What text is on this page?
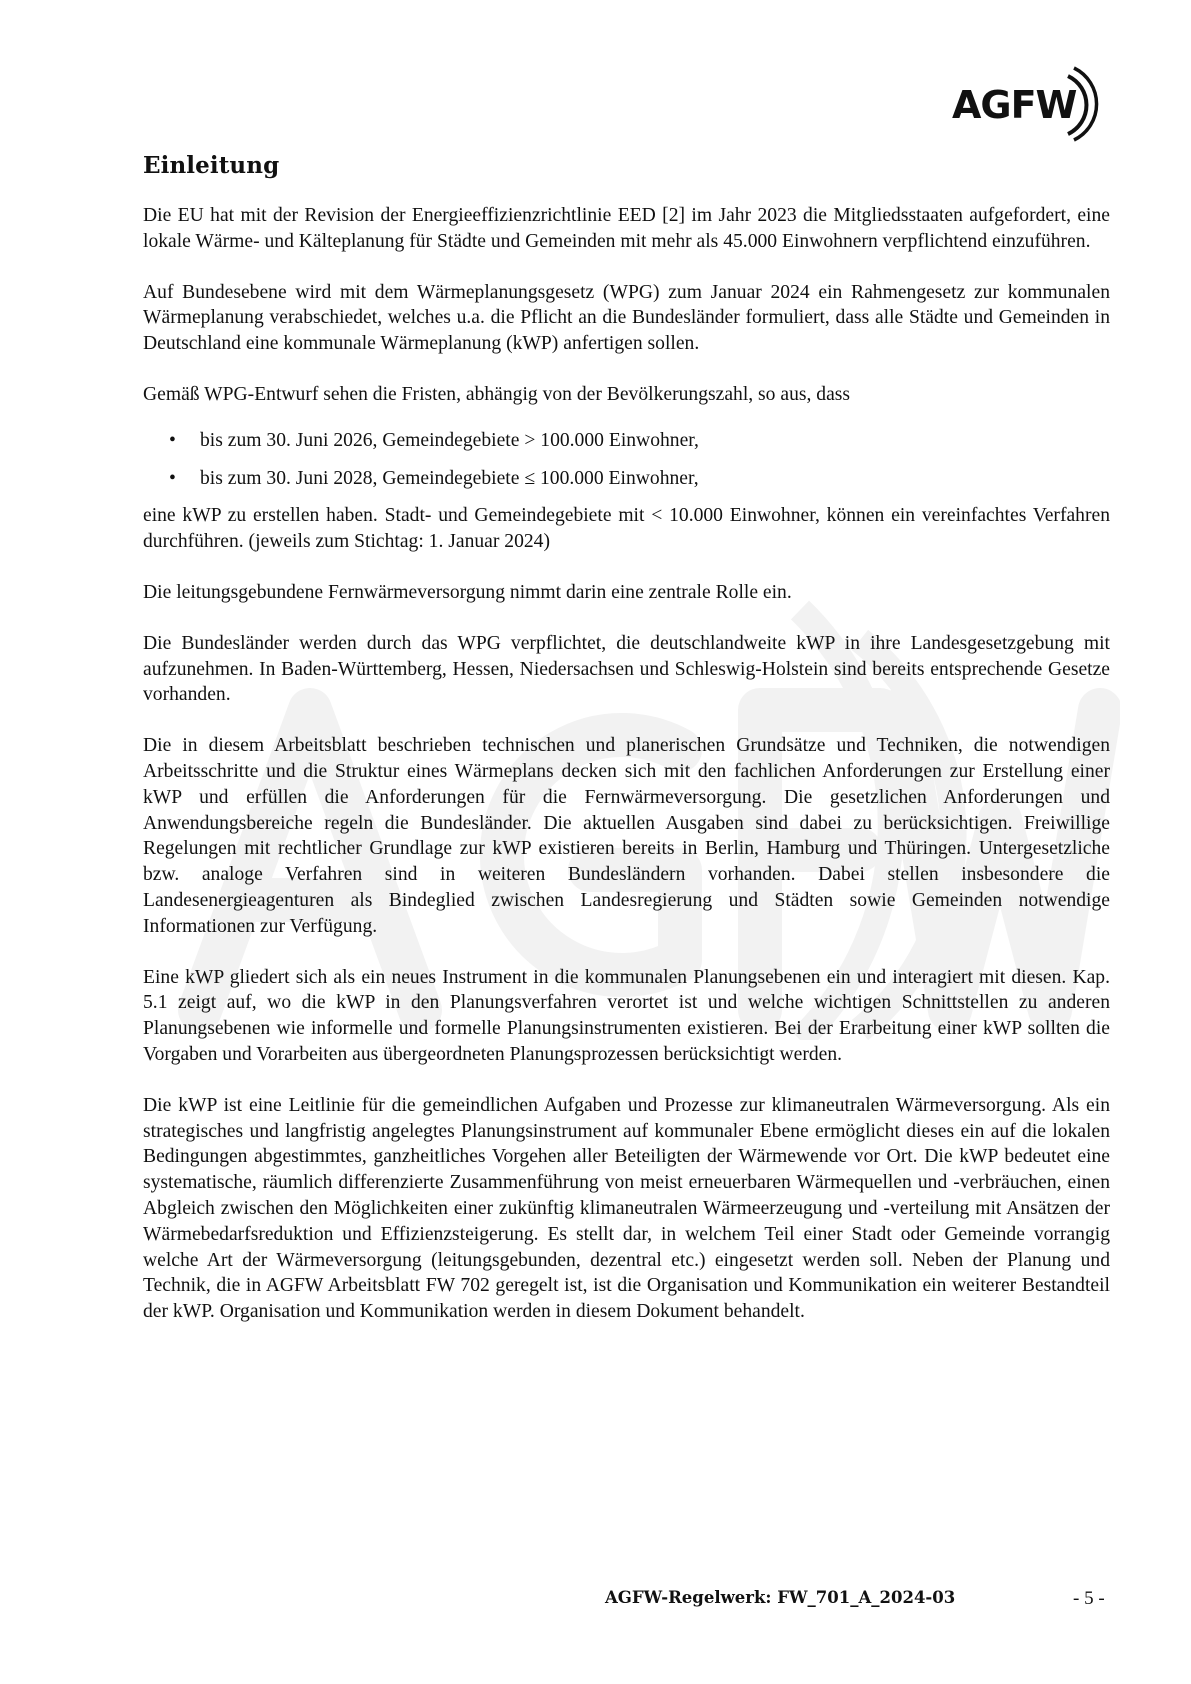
AGFW
Einleitung

Die EU hat mit der Revision der Energieeffizienzrichtlinie EED [2] im Jahr 2023 die Mitgliedsstaaten aufgefordert, eine lokale Wärme- und Kälteplanung für Städte und Gemeinden mit mehr als 45.000 Einwohnern verpflichtend einzuführen.

Auf Bundesebene wird mit dem Wärmeplanungsgesetz (WPG) zum Januar 2024 ein Rahmengesetz zur kommunalen Wärmeplanung verabschiedet, welches u.a. die Pflicht an die Bundesländer formuliert, dass alle Städte und Gemeinden in Deutschland eine kommunale Wärmeplanung (kWP) anfertigen sollen.

Gemäß WPG-Entwurf sehen die Fristen, abhängig von der Bevölkerungszahl, so aus, dass

• bis zum 30. Juni 2026, Gemeindegebiete > 100.000 Einwohner,
• bis zum 30. Juni 2028, Gemeindegebiete ≤ 100.000 Einwohner,

eine kWP zu erstellen haben. Stadt- und Gemeindegebiete mit < 10.000 Einwohner, können ein vereinfachtes Verfahren durchführen. (jeweils zum Stichtag: 1. Januar 2024)

Die leitungsgebundene Fernwärmeversorgung nimmt darin eine zentrale Rolle ein.

Die Bundesländer werden durch das WPG verpflichtet, die deutschlandweite kWP in ihre Landesgesetzgebung mit aufzunehmen. In Baden-Württemberg, Hessen, Niedersachsen und Schleswig-Holstein sind bereits entsprechende Gesetze vorhanden.

Die in diesem Arbeitsblatt beschrieben technischen und planerischen Grundsätze und Techniken, die notwendigen Arbeitsschritte und die Struktur eines Wärmeplans decken sich mit den fachlichen Anforderungen zur Erstellung einer kWP und erfüllen die Anforderungen für die Fernwärmeversorgung. Die gesetzlichen Anforderungen und Anwendungsbereiche regeln die Bundesländer. Die aktuellen Ausgaben sind dabei zu berücksichtigen. Freiwillige Regelungen mit rechtlicher Grundlage zur kWP existieren bereits in Berlin, Hamburg und Thüringen. Untergesetzliche bzw. analoge Verfahren sind in weiteren Bundesländern vorhanden. Dabei stellen insbesondere die Landesenergieagenturen als Bindeglied zwischen Landesregierung und Städten sowie Gemeinden notwendige Informationen zur Verfügung.

Eine kWP gliedert sich als ein neues Instrument in die kommunalen Planungsebenen ein und interagiert mit diesen. Kap. 5.1 zeigt auf, wo die kWP in den Planungsverfahren verortet ist und welche wichtigen Schnittstellen zu anderen Planungsebenen wie informelle und formelle Planungsinstrumenten existieren. Bei der Erarbeitung einer kWP sollten die Vorgaben und Vorarbeiten aus übergeordneten Planungsprozessen berücksichtigt werden.

Die kWP ist eine Leitlinie für die gemeindlichen Aufgaben und Prozesse zur klimaneutralen Wärmeversorgung. Als ein strategisches und langfristig angelegtes Planungsinstrument auf kommunaler Ebene ermöglicht dieses ein auf die lokalen Bedingungen abgestimmtes, ganzheitliches Vorgehen aller Beteiligten der Wärmewende vor Ort. Die kWP bedeutet eine systematische, räumlich differenzierte Zusammenführung von meist erneuerbaren Wärmequellen und -verbräuchen, einen Abgleich zwischen den Möglichkeiten einer zukünftig klimaneutralen Wärmeerzeugung und -verteilung mit Ansätzen der Wärmebedarfsreduktion und Effizienzsteigerung. Es stellt dar, in welchem Teil einer Stadt oder Gemeinde vorrangig welche Art der Wärmeversorgung (leitungsgebunden, dezentral etc.) eingesetzt werden soll. Neben der Planung und Technik, die in AGFW Arbeitsblatt FW 702 geregelt ist, ist die Organisation und Kommunikation ein weiterer Bestandteil der kWP. Organisation und Kommunikation werden in diesem Dokument behandelt.

AGFW-Regelwerk: FW_701_A_2024-03	- 5 -
